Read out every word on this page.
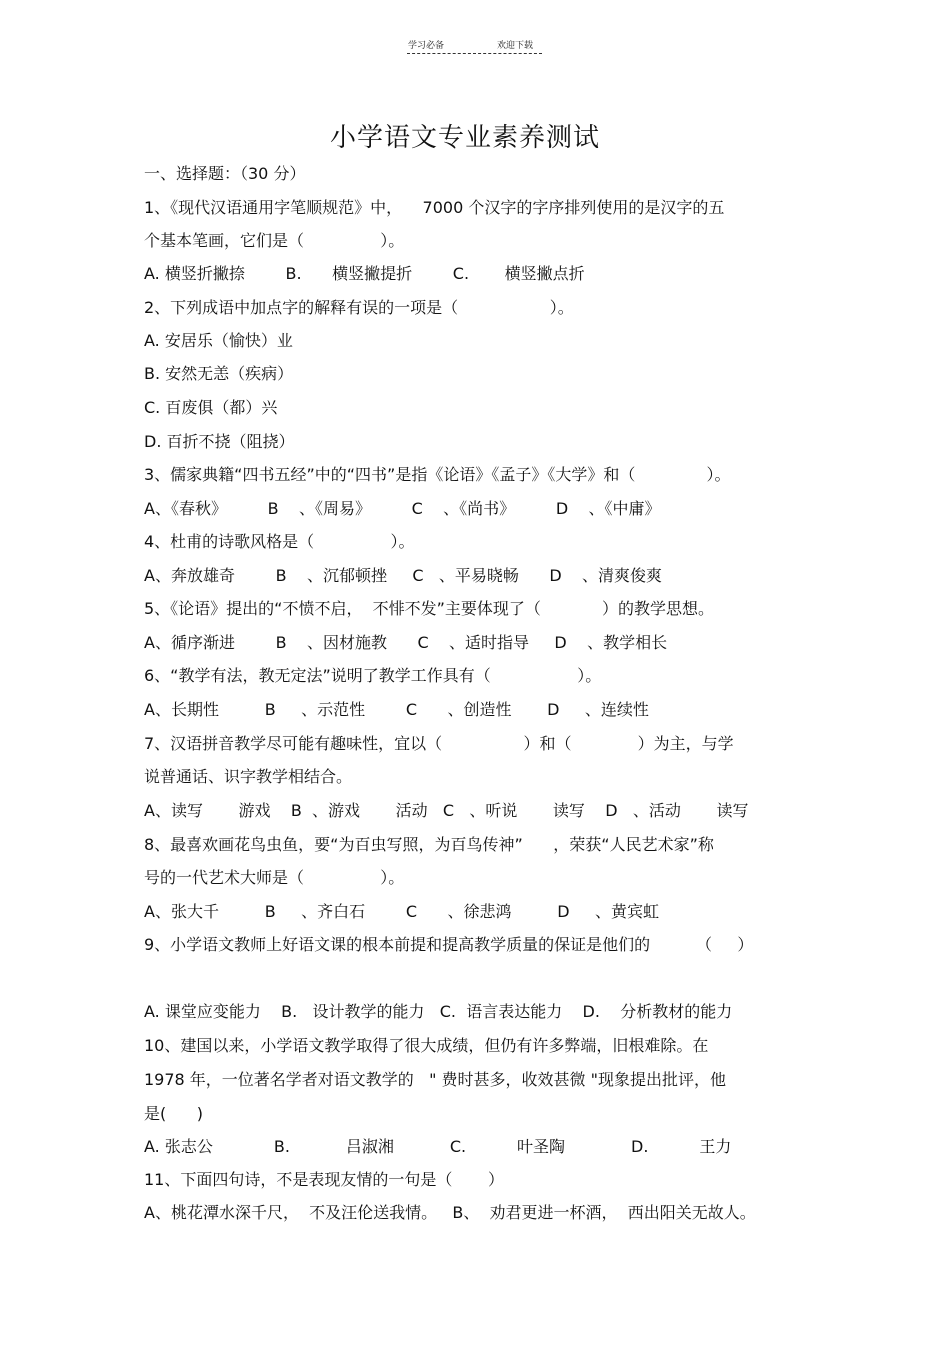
学习必备	欢迎下载
小学语文专业素养测试
一、选择题：（30 分）
1、《现代汉语通用字笔顺规范》中，    7000 个汉字的字序排列使用的是汉字的五
个基本笔画，它们是（               ）。
A. 横竖折撇捺        B.      横竖撇提折        C.       横竖撇点折
2、下列成语中加点字的解释有误的一项是（                  ）。
A. 安居乐（愉快）业
B. 安然无恙（疾病）
C. 百废俱（都）兴
D. 百折不挠（阻挠）
3、儒家典籍“四书五经”中的“四书”是指《论语》《孟子》《大学》和（              ）。
A、《春秋》        B    、《周易》        C    、《尚书》        D    、《中庸》
4、杜甫的诗歌风格是（               ）。
A、奔放雄奇        B    、沉郁顿挫     C   、平易晓畅      D    、清爽俊爽
5、《论语》提出的“不愤不启，  不悱不发”主要体现了（            ）的教学思想。
A、循序渐进        B    、因材施教      C    、适时指导     D    、教学相长
6、“教学有法，教无定法”说明了教学工作具有（                 ）。
A、长期性         B     、示范性        C      、创造性       D     、连续性
7、汉语拼音教学尽可能有趣味性，宜以（                ）和（             ）为主，与学
说普通话、识字教学相结合。
A、读写       游戏    B  、游戏       活动   C   、听说       读写    D   、活动       读写
8、最喜欢画花鸟虫鱼，要“为百虫写照，为百鸟传神”      ，荣获“人民艺术家”称
号的一代艺术大师是（               ）。
A、张大千         B     、齐白石        C      、徐悲鸿         D     、黄宾虹
9、小学语文教师上好语文课的根本前提和提高教学质量的保证是他们的         （     ）
A. 课堂应变能力    B.   设计教学的能力   C.  语言表达能力    D.    分析教材的能力
10、建国以来，小学语文教学取得了很大成绩，但仍有许多弊端，旧根难除。在
1978 年，一位著名学者对语文教学的   " 费时甚多，收效甚微 "现象提出批评，他
是(      )
A. 张志公            B.           吕淑湘           C.          叶圣陶             D.          王力
11、下面四句诗，不是表现友情的一句是（       ）
A、桃花潭水深千尺，  不及汪伦送我情。   B、  劝君更进一杯酒，  西出阳关无故人。
